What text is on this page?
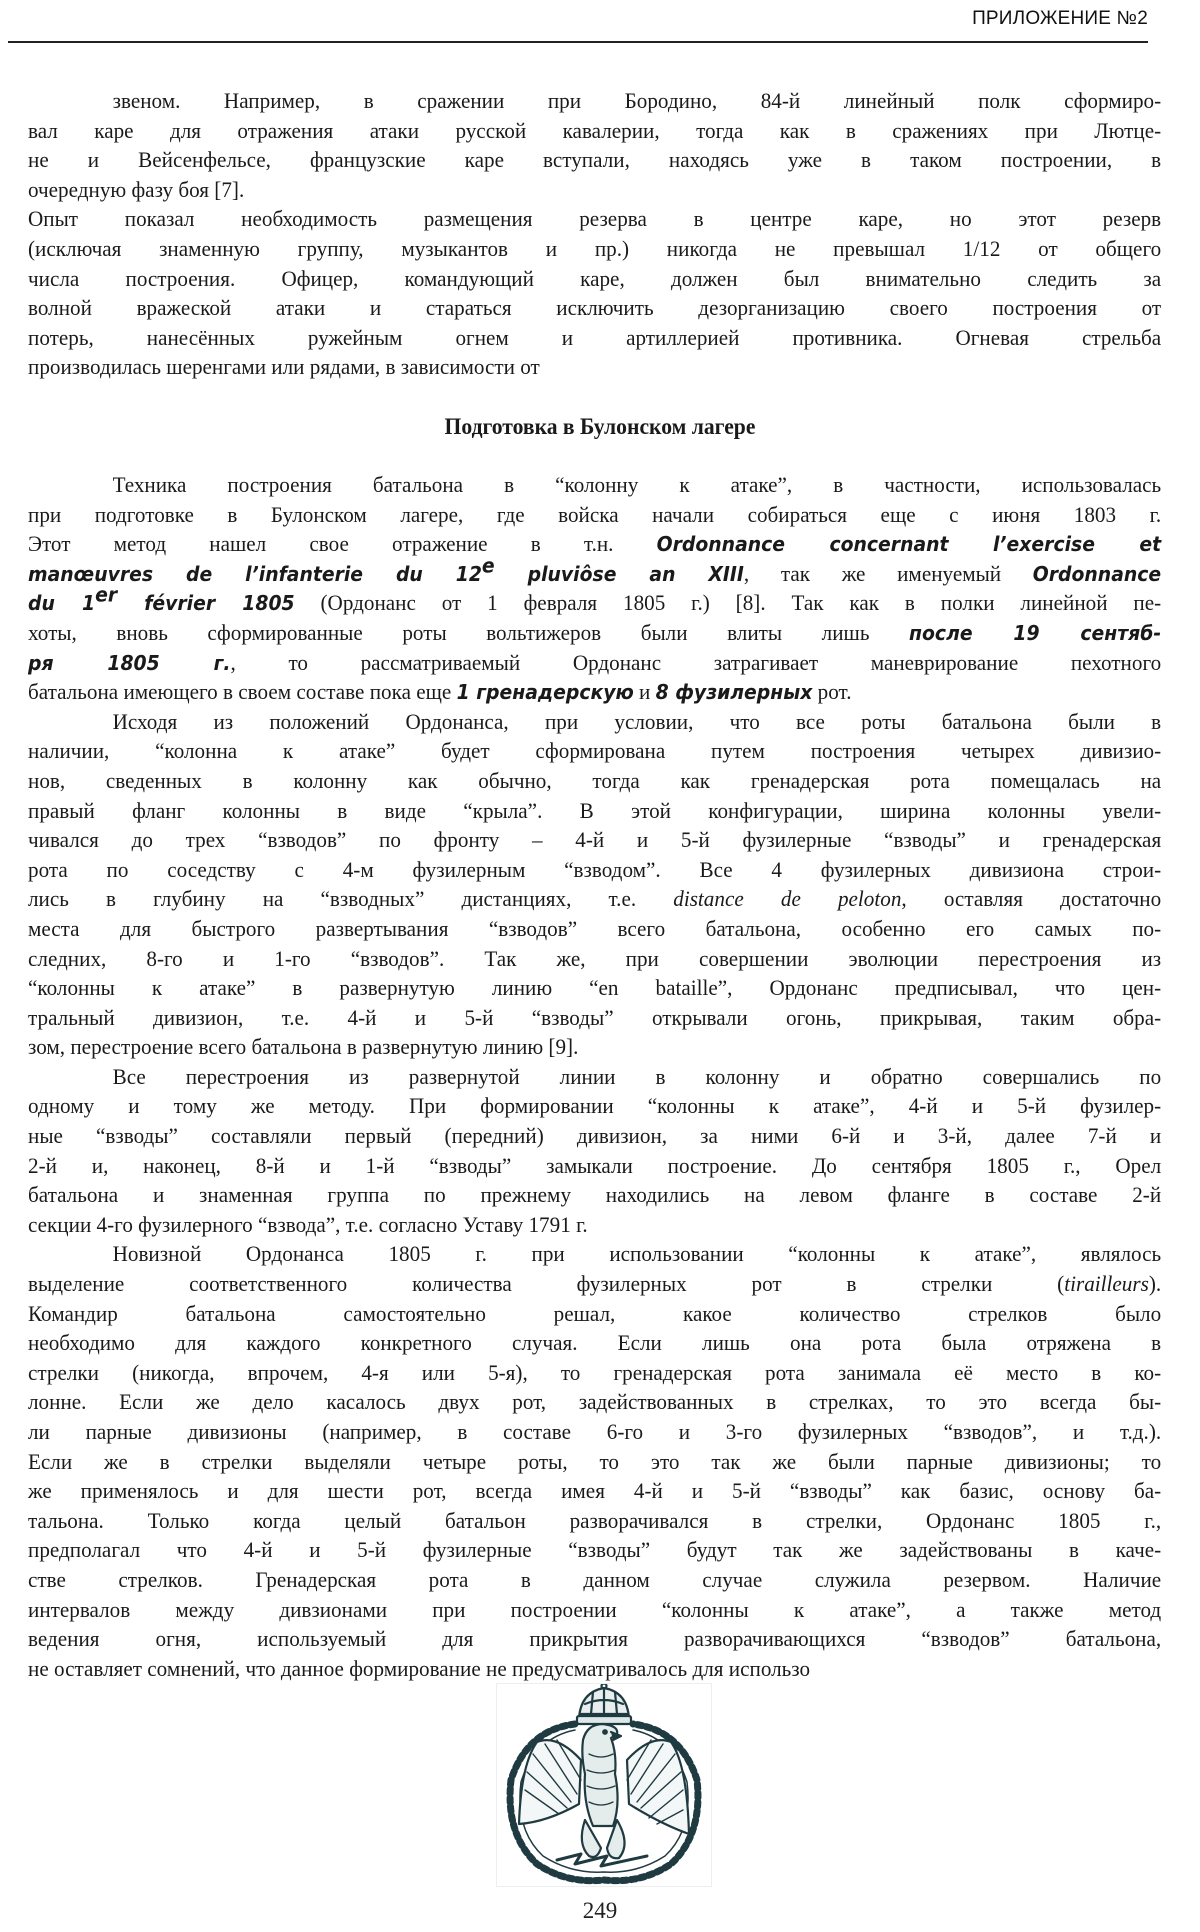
ПРИЛОЖЕНИЕ №2
звеном. Например, в сражении при Бородино, 84-й линейный полк сформиро-
вал каре для отражения атаки русской кавалерии, тогда как в сражениях при Лютце-
не и Вейсенфельсе, французские каре вступали, находясь уже в таком построении, в
очередную фазу боя [7].
Опыт показал необходимость размещения резерва в центре каре, но этот резерв
(исключая знаменную группу, музыкантов и пр.) никогда не превышал 1/12 от общего
числа построения. Офицер, командующий каре, должен был внимательно следить за
волной вражеской атаки и стараться исключить дезорганизацию своего построения от
потерь, нанесённых ружейным огнем и артиллерией противника. Огневая стрельба
производилась шеренгами или рядами, в зависимости от
Подготовка в Булонском лагере
Техника построения батальона в “колонну к атаке”, в частности, использовалась
при подготовке в Булонском лагере, где войска начали собираться еще с июня 1803 г.
Этот метод нашел свое отражение в т.н. Ordonnance concernant l’exercise et
manœuvres de l’infanterie du 12e pluviôse an XIII, так же именуемый Ordonnance
du 1er février 1805 (Ордонанс от 1 февраля 1805 г.) [8]. Так как в полки линейной пе-
хоты, вновь сформированные роты вольтижеров были влиты лишь после 19 сентяб-
ря 1805 г., то рассматриваемый Ордонанс затрагивает маневрирование пехотного
батальона имеющего в своем составе пока еще 1 гренадерскую и 8 фузилерных рот.
Исходя из положений Ордонанса, при условии, что все роты батальона были в
наличии, “колонна к атаке” будет сформирована путем построения четырех дивизио-
нов, сведенных в колонну как обычно, тогда как гренадерская рота помещалась на
правый фланг колонны в виде “крыла”. В этой конфигурации, ширина колонны увели-
чивался до трех “взводов” по фронту – 4-й и 5-й фузилерные “взводы” и гренадерская
рота по соседству с 4-м фузилерным “взводом”. Все 4 фузилерных дивизиона строи-
лись в глубину на “взводных” дистанциях, т.е. distance de peloton, оставляя достаточно
места для быстрого развертывания “взводов” всего батальона, особенно его самых по-
следних, 8-го и 1-го “взводов”. Так же, при совершении эволюции перестроения из
“колонны к атаке” в развернутую линию “en bataille”, Ордонанс предписывал, что цен-
тральный дивизион, т.е. 4-й и 5-й “взводы” открывали огонь, прикрывая, таким обра-
зом, перестроение всего батальона в развернутую линию [9].
Все перестроения из развернутой линии в колонну и обратно совершались по
одному и тому же методу. При формировании “колонны к атаке”, 4-й и 5-й фузилер-
ные “взводы” составляли первый (передний) дивизион, за ними 6-й и 3-й, далее 7-й и
2-й и, наконец, 8-й и 1-й “взводы” замыкали построение. До сентября 1805 г., Орел
батальона и знаменная группа по прежнему находились на левом фланге в составе 2-й
секции 4-го фузилерного “взвода”, т.е. согласно Уставу 1791 г.
Новизной Ордонанса 1805 г. при использовании “колонны к атаке”, являлось
выделение соответственного количества фузилерных рот в стрелки (tirailleurs).
Командир батальона самостоятельно решал, какое количество стрелков было
необходимо для каждого конкретного случая. Если лишь она рота была отряжена в
стрелки (никогда, впрочем, 4-я или 5-я), то гренадерская рота занимала её место в ко-
лонне. Если же дело касалось двух рот, задействованных в стрелках, то это всегда бы-
ли парные дивизионы (например, в составе 6-го и 3-го фузилерных “взводов”, и т.д.).
Если же в стрелки выделяли четыре роты, то это так же были парные дивизионы; то
же применялось и для шести рот, всегда имея 4-й и 5-й “взводы” как базис, основу ба-
тальона. Только когда целый батальон разворачивался в стрелки, Ордонанс 1805 г.,
предполагал что 4-й и 5-й фузилерные “взводы” будут так же задействованы в каче-
стве стрелков. Гренадерская рота в данном случае служила резервом. Наличие
интервалов между дивзионами при построении “колонны к атаке”, а также метод
ведения огня, используемый для прикрытия разворачивающихся “взводов” батальона,
не оставляет сомнений, что данное формирование не предусматривалось для использо
249
